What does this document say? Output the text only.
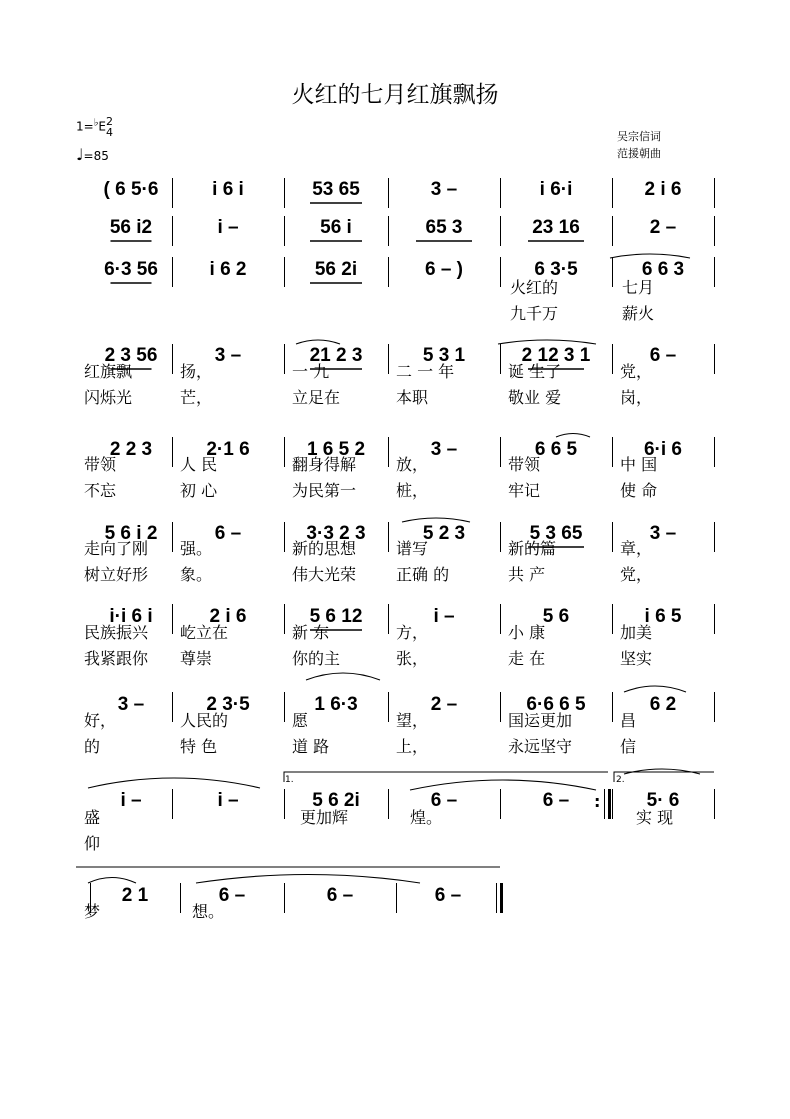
火红的七月红旗飘扬
1=♭E2
4
♩=85
吴宗信词
范援朝曲
( 6 5·6	i 6 i	53 65	3 –	i 6·i	2 i 6
56 i2	i –	56 i	65 3	23 16	2 –
6·3 56	i 6 2	56 2i	6 – )	6 3·5	6 6 3
火红的	七月
九千万	薪火
2 3 56	3 –	21 2 3	5 3 1	2 12 3 1	6 –
红旗飘	扬，	一 九	二 一 年	诞 生了	党，
闪烁光	芒，	立足在	本职	敬业 爱	岗，
2 2 3	2·1 6	1 6 5 2	3 –	6 6 5	6·i 6
带领	人 民	翻身得解 放，	带领	中 国
不忘	初 心	为民第一 桩，	牢记	使 命
5 6 i 2	6 –	3·3 2 3	5 2 3	5 3 65	3 –
走向了刚 强。	新的思想 谱写	新的篇	章，
树立好形 象。	伟大光荣 正确 的	共 产	党，
i·i 6 i	2 i 6	5 6 12	i –	5 6	i 6 5
民族振兴 屹立在	新 东	方，	小 康	加美
我紧跟你 尊崇	你的主	张，	走 在	坚实
3 –	2 3·5	1 6·3	2 –	6·6 6 5	6 2
好，	人民的	愿	望，	国运更加	昌
的	特 色	道 路	上，	永远坚守	信
i –	i –	5 6 2i	6 –	6 –	5· 6
盛	更加辉	煌。	实 现
仰
2 1	6 –	6 –	6 –
梦	想。
:
1.	2.
